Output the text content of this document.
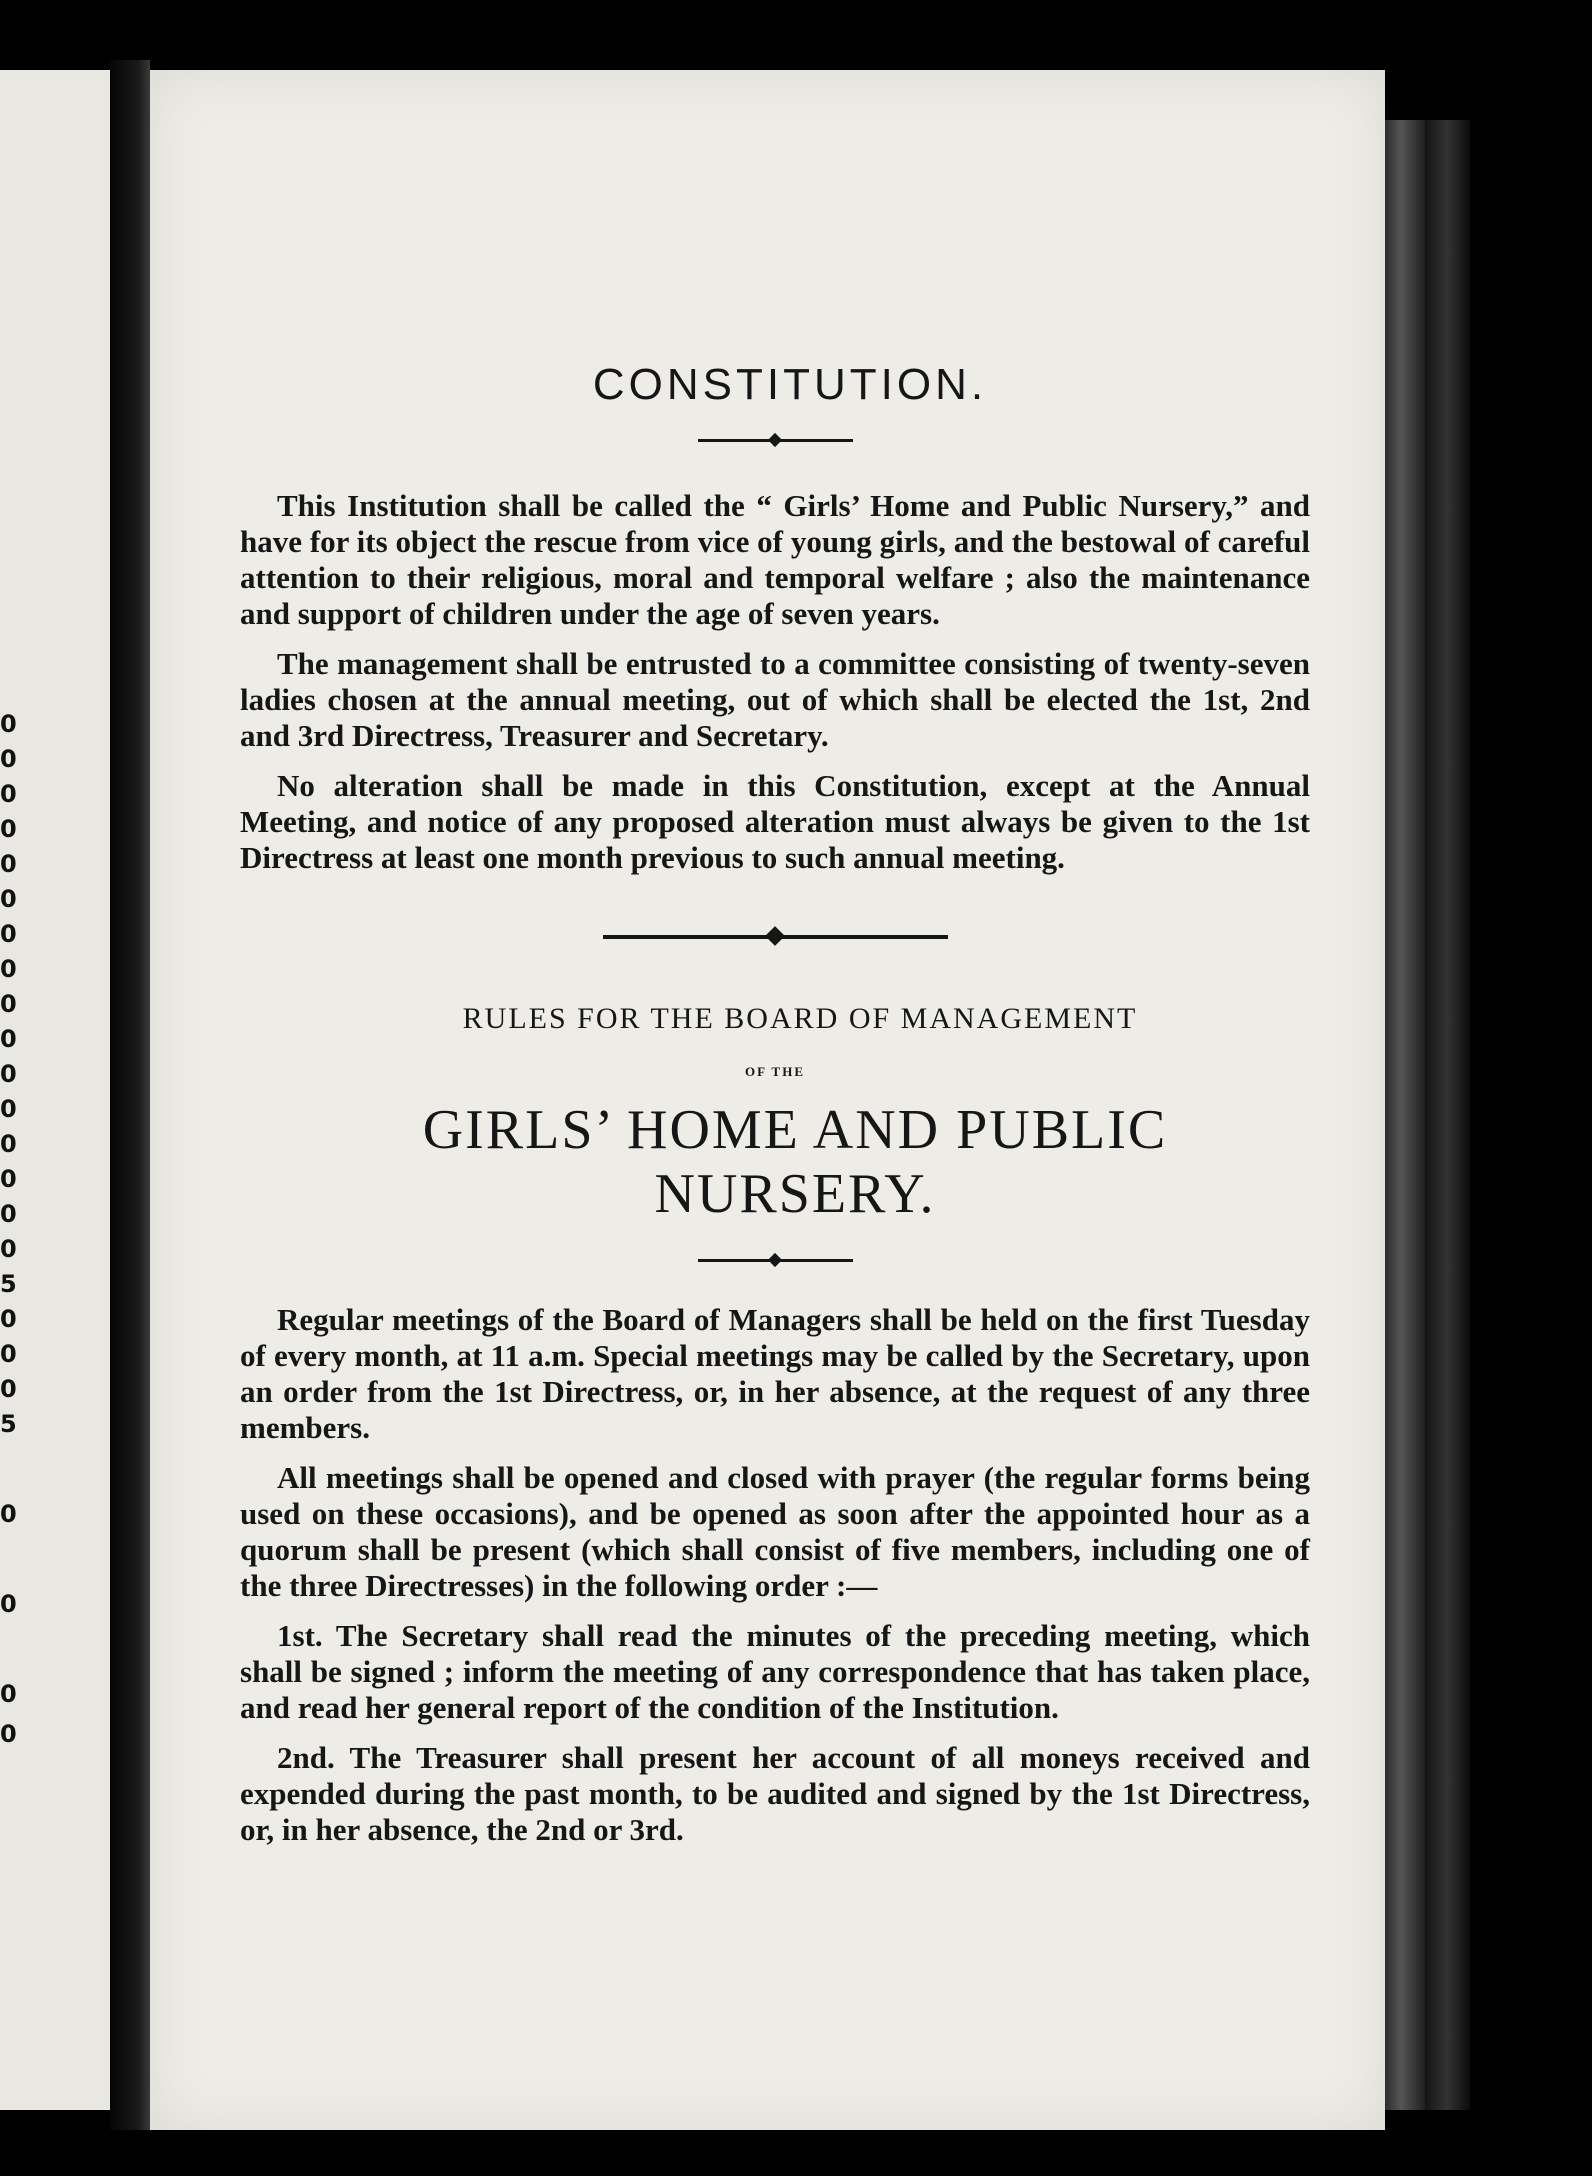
0
0
0
0
0
0
0
0
0
0
0
0
0
0
0
0
5
0
0
0
5
0
0
0
0
CONSTITUTION.

This Institution shall be called the “ Girls’ Home and Public Nursery,” and have for its object the rescue from vice of young girls, and the bestowal of careful attention to their religious, moral and temporal welfare ; also the maintenance and support of children under the age of seven years.

The management shall be entrusted to a committee consisting of twenty-seven ladies chosen at the annual meeting, out of which shall be elected the 1st, 2nd and 3rd Directress, Treasurer and Secretary.

No alteration shall be made in this Constitution, except at the Annual Meeting, and notice of any proposed alteration must always be given to the 1st Directress at least one month previous to such annual meeting.

RULES FOR THE BOARD OF MANAGEMENT
OF THE
GIRLS’ HOME AND PUBLIC NURSERY.

Regular meetings of the Board of Managers shall be held on the first Tuesday of every month, at 11 a.m. Special meetings may be called by the Secretary, upon an order from the 1st Directress, or, in her absence, at the request of any three members.

All meetings shall be opened and closed with prayer (the regular forms being used on these occasions), and be opened as soon after the appointed hour as a quorum shall be present (which shall consist of five members, including one of the three Directresses) in the following order :—

1st. The Secretary shall read the minutes of the preceding meeting, which shall be signed ; inform the meeting of any correspondence that has taken place, and read her general report of the condition of the Institution.

2nd. The Treasurer shall present her account of all moneys received and expended during the past month, to be audited and signed by the 1st Directress, or, in her absence, the 2nd or 3rd.
